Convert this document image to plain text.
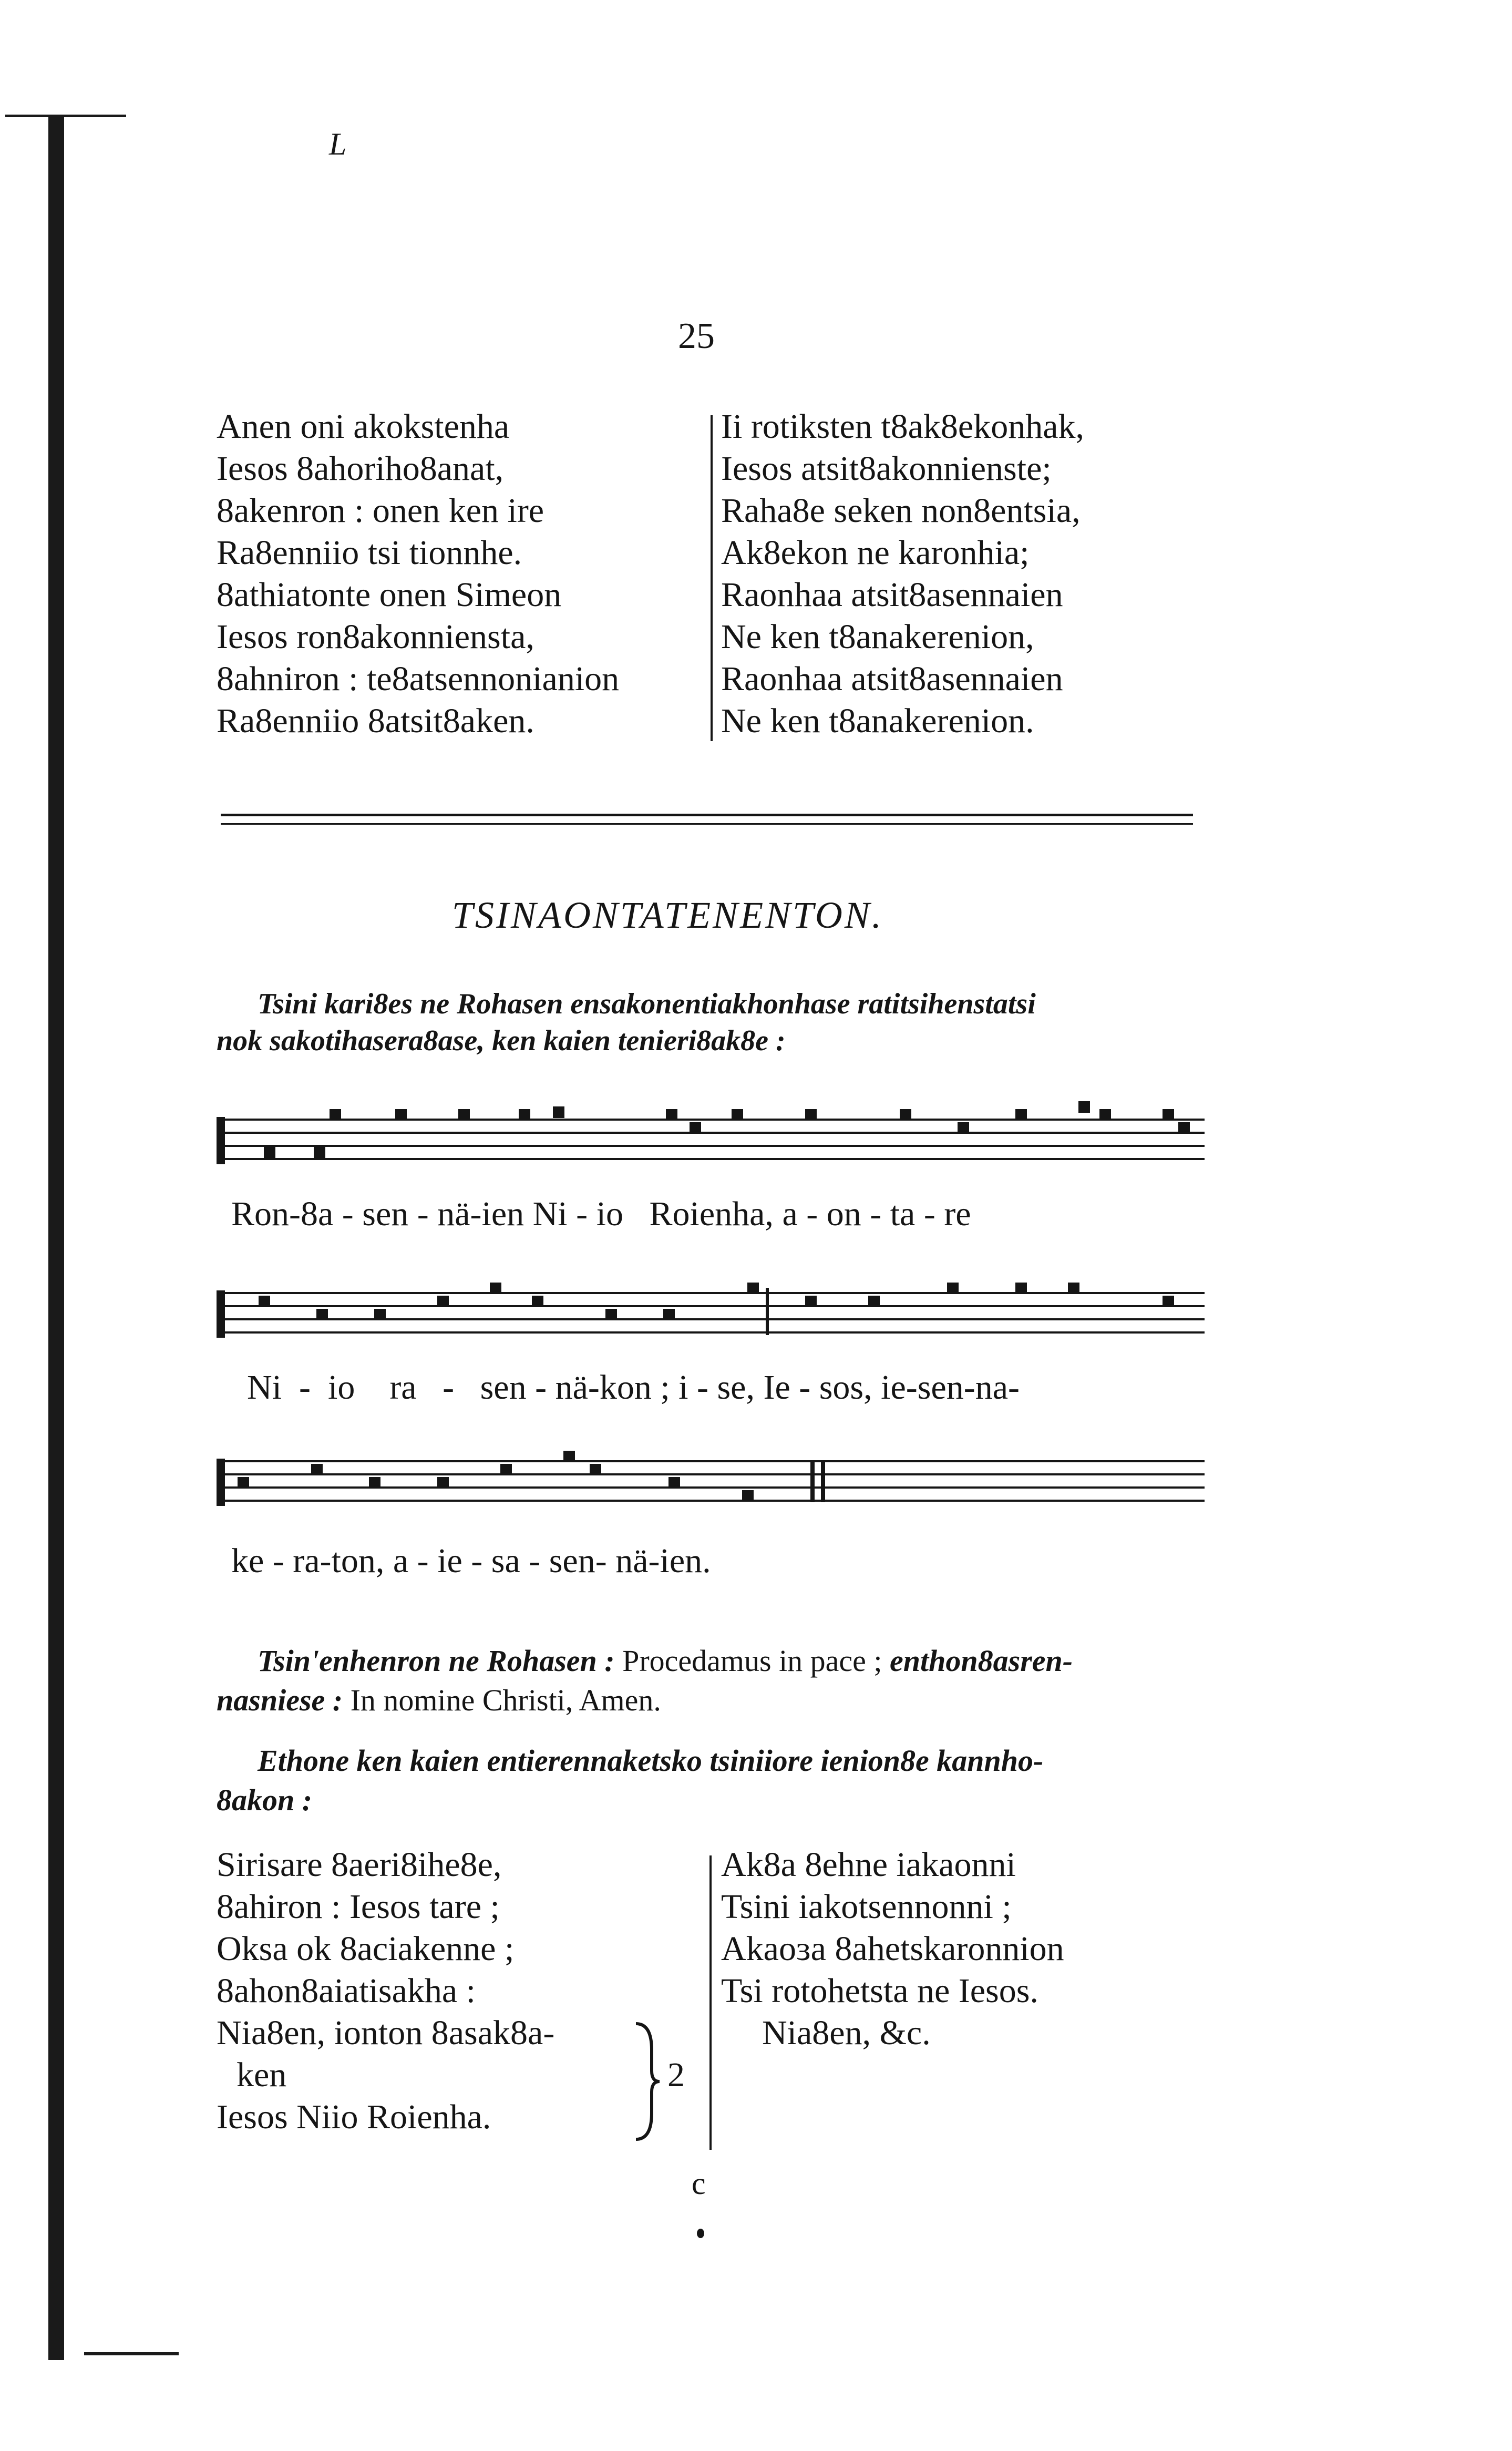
L
25
Anen oni akokstenha
Iesos 8ahoriho8anat,
8akenron : onen ken ire
Ra8enniio tsi tionnhe.
8athiatonte onen Simeon
Iesos ron8akonniensta,
8ahniron : te8atsennonianion
Ra8enniio 8atsit8aken.
Ii rotiksten t8ak8ekonhak,
Iesos atsit8akonnienste;
Raha8e seken non8entsia,
Ak8ekon ne karonhia;
Raonhaa atsit8asennaien
Ne ken t8anakerenion,
Raonhaa atsit8asennaien
Ne ken t8anakerenion.
TSINAONTATENENTON.
Tsini kari8es ne Rohasen ensakonentiakhonhase ratitsihenstatsi
nok sakotihasera8ase, ken kaien tenieri8ak8e :
Ron-8a - sen - nä-ien Ni - io Roienha, a - on - ta - re
Ni - io ra - sen - nä-kon ; i - se, Ie - sos, ie-sen-na-
ke - ra-ton, a - ie - sa - sen- nä-ien.
Tsin'enhenron ne Rohasen : Procedamus in pace ; enthon8asren-
nasniese : In nomine Christi, Amen.
Ethone ken kaien entierennaketsko tsiniiore ienion8e kannho-
8akon :
Sirisare 8aeri8ihe8e,
8ahiron : Iesos tare ;
Oksa ok 8aciakenne ;
8ahon8aiatisakha :
Nia8en, ionton 8asak8a-
ken
Iesos Niio Roienha.
2
Ak8a 8ehne iakaonni
Tsini iakotsennonni ;
Akaoɜa 8ahetskaronnion
Tsi rotohetsta ne Iesos.
Nia8en, &c.
c
